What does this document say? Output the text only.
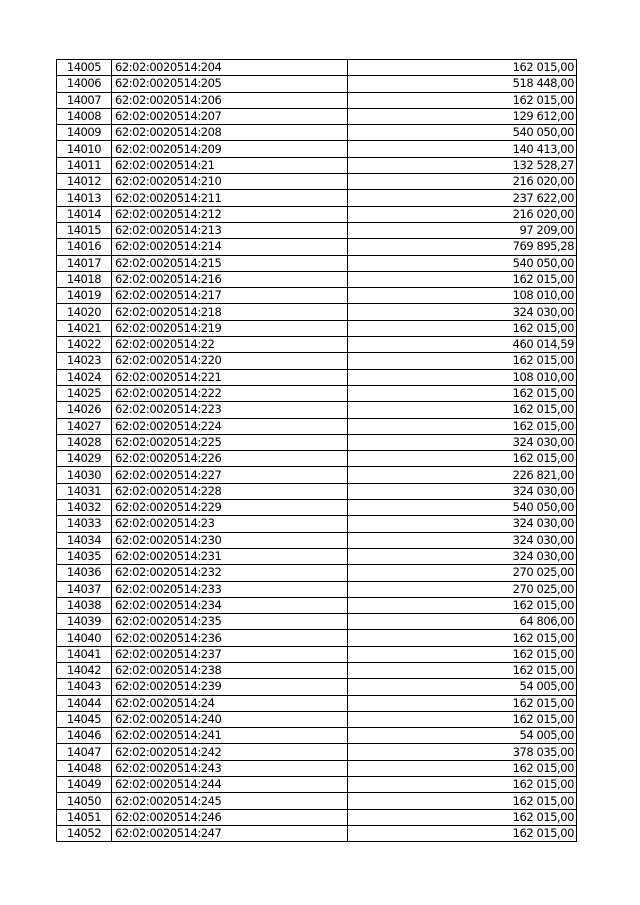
14005	62:02:0020514:204	162 015,00
14006	62:02:0020514:205	518 448,00
14007	62:02:0020514:206	162 015,00
14008	62:02:0020514:207	129 612,00
14009	62:02:0020514:208	540 050,00
14010	62:02:0020514:209	140 413,00
14011	62:02:0020514:21	132 528,27
14012	62:02:0020514:210	216 020,00
14013	62:02:0020514:211	237 622,00
14014	62:02:0020514:212	216 020,00
14015	62:02:0020514:213	97 209,00
14016	62:02:0020514:214	769 895,28
14017	62:02:0020514:215	540 050,00
14018	62:02:0020514:216	162 015,00
14019	62:02:0020514:217	108 010,00
14020	62:02:0020514:218	324 030,00
14021	62:02:0020514:219	162 015,00
14022	62:02:0020514:22	460 014,59
14023	62:02:0020514:220	162 015,00
14024	62:02:0020514:221	108 010,00
14025	62:02:0020514:222	162 015,00
14026	62:02:0020514:223	162 015,00
14027	62:02:0020514:224	162 015,00
14028	62:02:0020514:225	324 030,00
14029	62:02:0020514:226	162 015,00
14030	62:02:0020514:227	226 821,00
14031	62:02:0020514:228	324 030,00
14032	62:02:0020514:229	540 050,00
14033	62:02:0020514:23	324 030,00
14034	62:02:0020514:230	324 030,00
14035	62:02:0020514:231	324 030,00
14036	62:02:0020514:232	270 025,00
14037	62:02:0020514:233	270 025,00
14038	62:02:0020514:234	162 015,00
14039	62:02:0020514:235	64 806,00
14040	62:02:0020514:236	162 015,00
14041	62:02:0020514:237	162 015,00
14042	62:02:0020514:238	162 015,00
14043	62:02:0020514:239	54 005,00
14044	62:02:0020514:24	162 015,00
14045	62:02:0020514:240	162 015,00
14046	62:02:0020514:241	54 005,00
14047	62:02:0020514:242	378 035,00
14048	62:02:0020514:243	162 015,00
14049	62:02:0020514:244	162 015,00
14050	62:02:0020514:245	162 015,00
14051	62:02:0020514:246	162 015,00
14052	62:02:0020514:247	162 015,00
